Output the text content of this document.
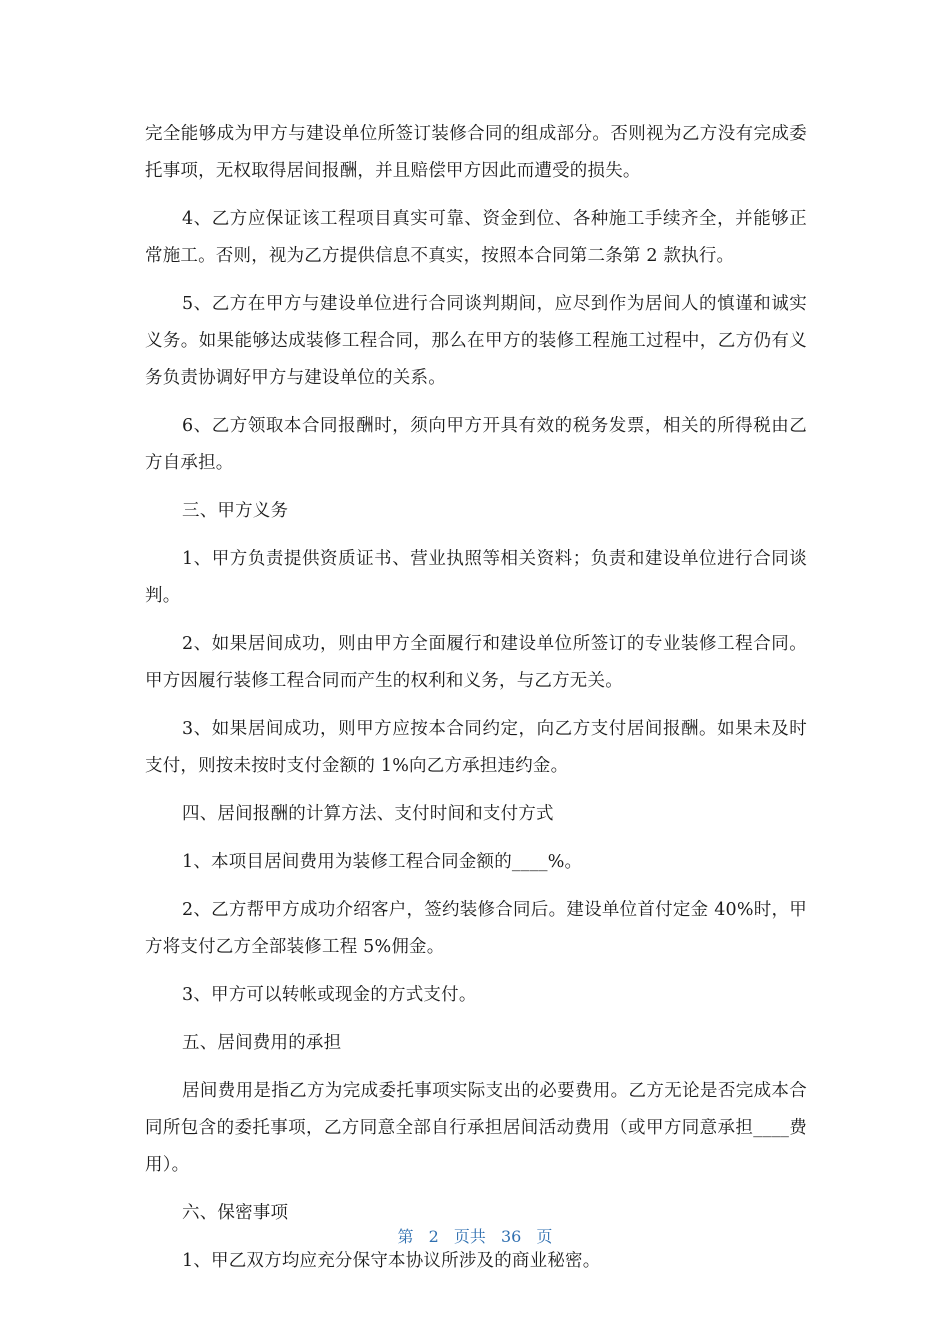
完全能够成为甲方与建设单位所签订装修合同的组成部分。否则视为乙方没有完成委托事项，无权取得居间报酬，并且赔偿甲方因此而遭受的损失。

4、乙方应保证该工程项目真实可靠、资金到位、各种施工手续齐全，并能够正常施工。否则，视为乙方提供信息不真实，按照本合同第二条第 2 款执行。

5、乙方在甲方与建设单位进行合同谈判期间，应尽到作为居间人的慎谨和诚实义务。如果能够达成装修工程合同，那么在甲方的装修工程施工过程中，乙方仍有义务负责协调好甲方与建设单位的关系。

6、乙方领取本合同报酬时，须向甲方开具有效的税务发票，相关的所得税由乙方自承担。

三、甲方义务

1、甲方负责提供资质证书、营业执照等相关资料；负责和建设单位进行合同谈判。

2、如果居间成功，则由甲方全面履行和建设单位所签订的专业装修工程合同。甲方因履行装修工程合同而产生的权利和义务，与乙方无关。

3、如果居间成功，则甲方应按本合同约定，向乙方支付居间报酬。如果未及时支付，则按未按时支付金额的 1%向乙方承担违约金。

四、居间报酬的计算方法、支付时间和支付方式

1、本项目居间费用为装修工程合同金额的____%。

2、乙方帮甲方成功介绍客户，签约装修合同后。建设单位首付定金 40%时，甲方将支付乙方全部装修工程 5%佣金。

3、甲方可以转帐或现金的方式支付。

五、居间费用的承担

居间费用是指乙方为完成委托事项实际支出的必要费用。乙方无论是否完成本合同所包含的委托事项，乙方同意全部自行承担居间活动费用（或甲方同意承担____费用）。

六、保密事项

1、甲乙双方均应充分保守本协议所涉及的商业秘密。

第 2 页共 36 页
